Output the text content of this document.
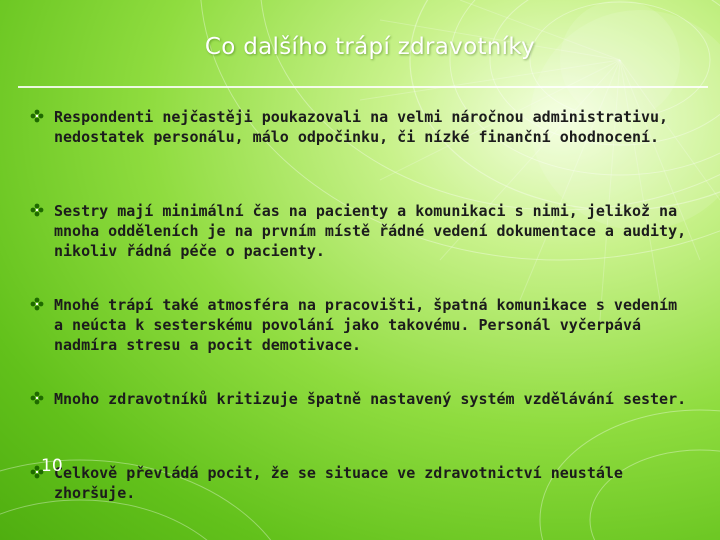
Co dalšího trápí zdravotníky
Respondenti nejčastěji poukazovali na velmi náročnou administrativu, nedostatek personálu, málo odpočinku, či nízké finanční ohodnocení.
Sestry mají minimální čas na pacienty a komunikaci s nimi, jelikož na mnoha odděleních je na prvním místě řádné vedení dokumentace a audity, nikoliv řádná péče o pacienty.
Mnohé trápí také atmosféra na pracovišti, špatná komunikace s vedením a neúcta k sesterskému povolání jako takovému. Personál vyčerpává nadmíra stresu a pocit demotivace.
Mnoho zdravotníků kritizuje špatně nastavený systém vzdělávání sester.
Celkově převládá pocit, že se situace ve zdravotnictví neustále zhoršuje.
10
